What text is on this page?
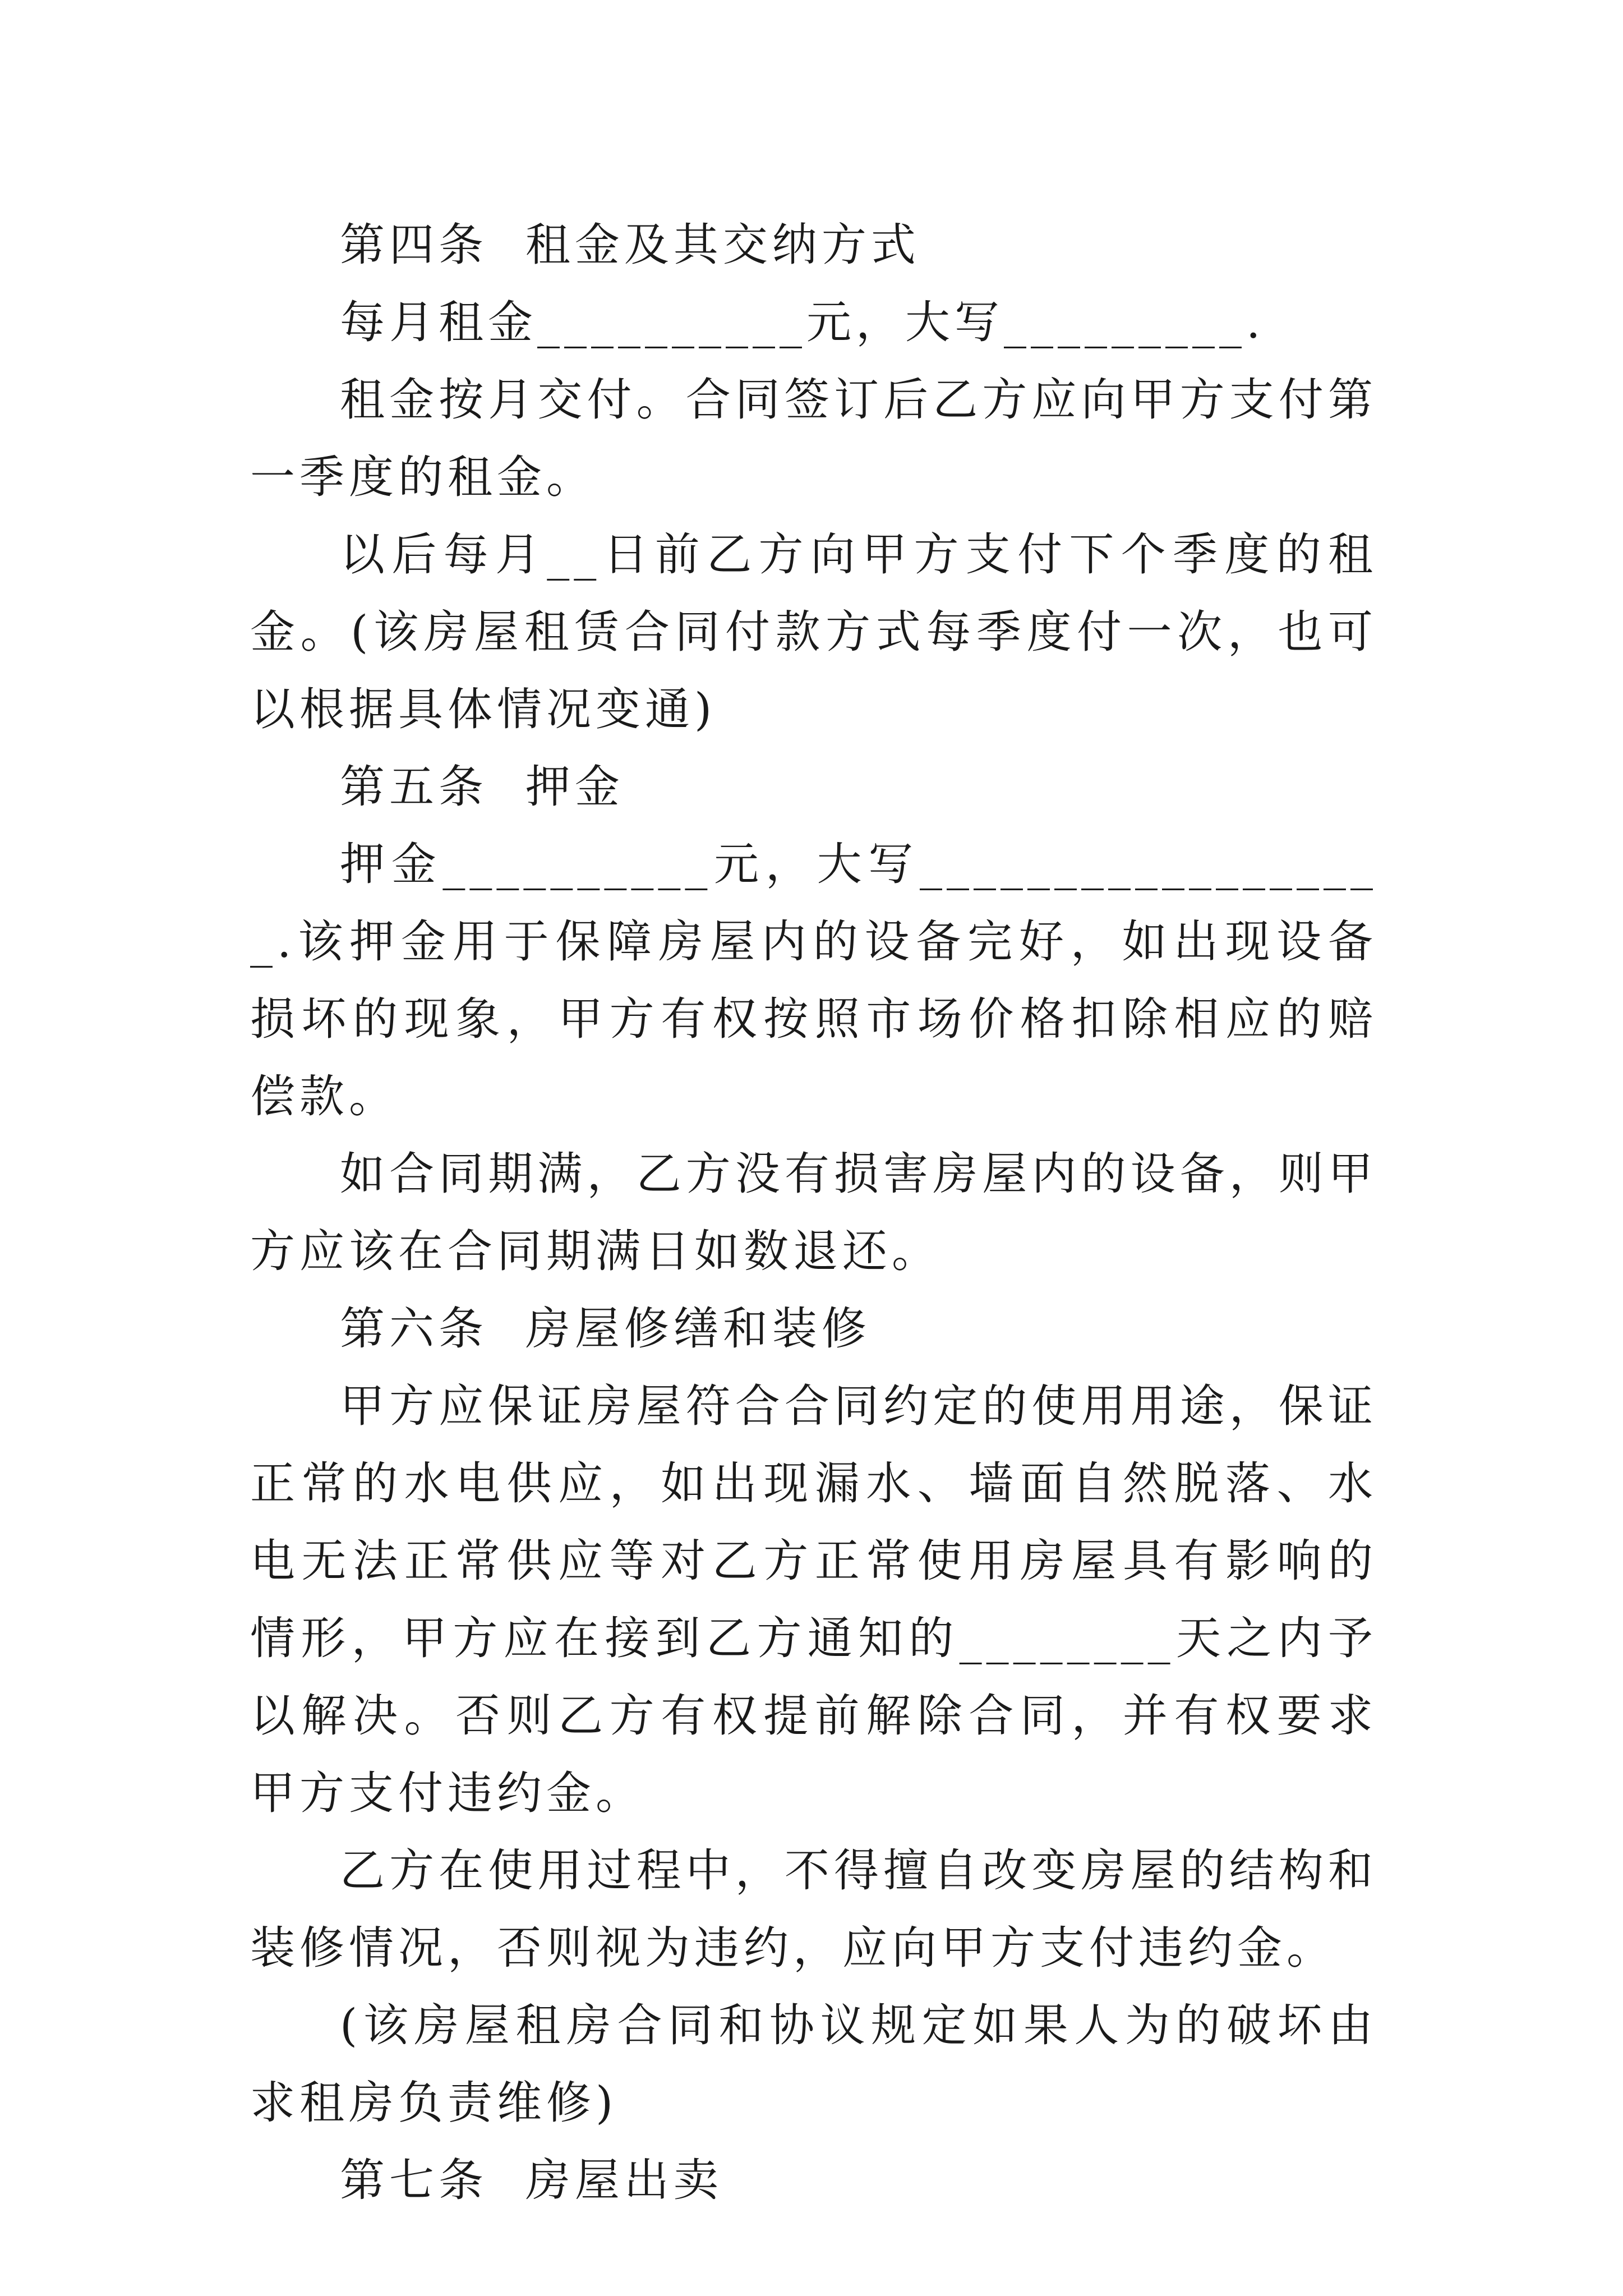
第四条  租金及其交纳方式

每月租金__________元，大写_________.

租金按月交付。合同签订后乙方应向甲方支付第一季度的租金。

以后每月__日前乙方向甲方支付下个季度的租金。(该房屋租赁合同付款方式每季度付一次，也可以根据具体情况变通)

第五条  押金

押金__________元，大写__________________.该押金用于保障房屋内的设备完好，如出现设备损坏的现象，甲方有权按照市场价格扣除相应的赔偿款。

如合同期满，乙方没有损害房屋内的设备，则甲方应该在合同期满日如数退还。

第六条  房屋修缮和装修

甲方应保证房屋符合合同约定的使用用途，保证正常的水电供应，如出现漏水、墙面自然脱落、水电无法正常供应等对乙方正常使用房屋具有影响的情形，甲方应在接到乙方通知的________天之内予以解决。否则乙方有权提前解除合同，并有权要求甲方支付违约金。

乙方在使用过程中，不得擅自改变房屋的结构和装修情况，否则视为违约，应向甲方支付违约金。

(该房屋租房合同和协议规定如果人为的破坏由求租房负责维修)

第七条  房屋出卖
